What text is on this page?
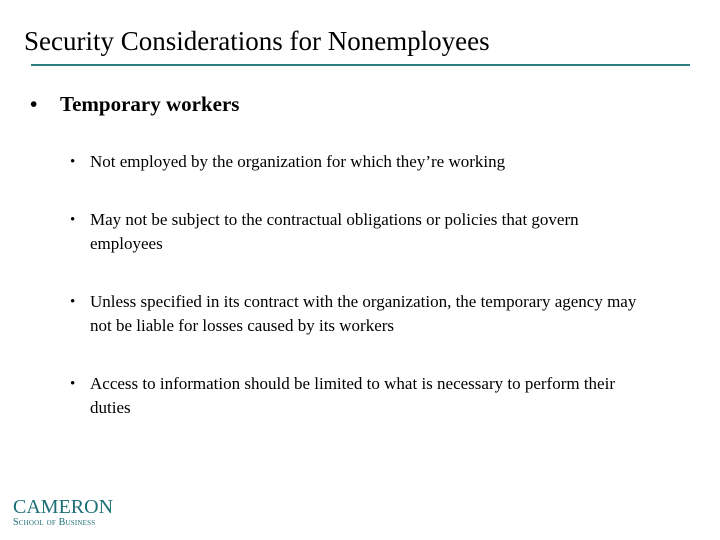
Security Considerations for Nonemployees
• Temporary workers
• Not employed by the organization for which they’re working
• May not be subject to the contractual obligations or policies that govern employees
• Unless specified in its contract with the organization, the temporary agency may not be liable for losses caused by its workers
• Access to information should be limited to what is necessary to perform their duties
CAMERON
School of Business
